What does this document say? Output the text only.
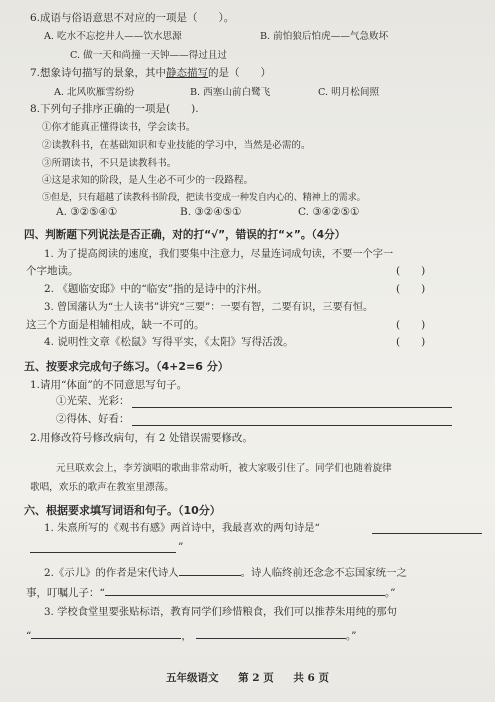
6.成语与俗语意思不对应的一项是（　　）。
A. 吃水不忘挖井人——饮水思源	B. 前怕狼后怕虎——气急败坏
C. 做一天和尚撞一天钟——得过且过
7.想象诗句描写的景象，其中静态描写的是（　　）
A. 北风吹雁雪纷纷	B. 西塞山前白鹭飞	C. 明月松间照
8.下列句子排序正确的一项是(　　).
①你才能真正懂得读书，学会读书。
②读教科书，在基础知识和专业技能的学习中，当然是必需的。
③所谓读书，不只是读教科书。
④这是求知的阶段，是人生必不可少的一段路程。
⑤但是，只有超越了读教科书阶段，把读书变成一种发自内心的、精神上的需求。
A. ③②⑤④①	B. ③②④⑤①	C. ③④②⑤①
四、判断题下列说法是否正确，对的打“√”，错误的打“×”。（4分）
1. 为了提高阅读的速度，我们要集中注意力，尽量连词成句读，不要一个字一
个字地读。	(　　)
2. 《题临安邸》中的“临安”指的是诗中的汴州。	(　　)
3. 曾国藩认为“士人读书”讲究“三要”：一要有智，二要有识，三要有恒。
这三个方面是相辅相成，缺一不可的。	(　　)
4. 说明性文章《松鼠》写得平实，《太阳》写得活泼。	(　　)
五、按要求完成句子练习。（4+2=6 分）
1.请用“体面”的不同意思写句子。
①光荣、光彩：
②得体、好看：
2.用修改符号修改病句，有 2 处错误需要修改。
元旦联欢会上，李芳演唱的歌曲非常动听，被大家吸引住了。同学们也随着旋律
歌唱，欢乐的歌声在教室里漂荡。
六、根据要求填写词语和句子。（10分）
1. 朱熹所写的《观书有感》两首诗中，我最喜欢的两句诗是“
”
2.《示儿》的作者是宋代诗人	。诗人临终前还念念不忘国家统一之
事，叮嘱儿子：“	。”
3. 学校食堂里要张贴标语，教育同学们珍惜粮食，我们可以推荐朱用纯的那句
“	，	。”
五年级语文 第 2 页 共 6 页
